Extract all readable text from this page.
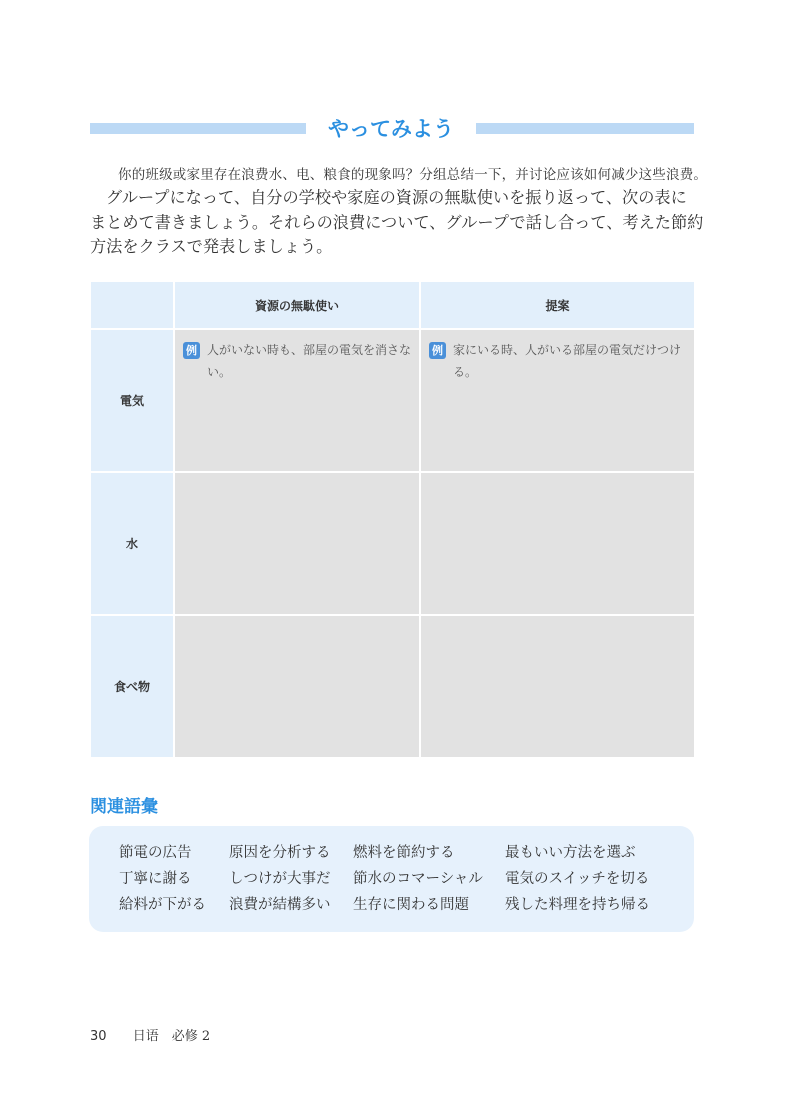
やってみよう

你的班级或家里存在浪费水、电、粮食的现象吗？分组总结一下，并讨论应该如何减少这些浪费。

グループになって、自分の学校や家庭の資源の無駄使いを振り返って、次の表に
まとめて書きましょう。それらの浪費について、グループで話し合って、考えた節約
方法をクラスで発表しましょう。
	資源の無駄使い	提案
電気	例 人がいない時も、部屋の電気を消さない。	例 家にいる時、人がいる部屋の電気だけつける。

水		
食べ物		
関連語彙
節電の広告	原因を分析する	燃料を節約する	最もいい方法を選ぶ
丁寧に謝る	しつけが大事だ	節水のコマーシャル	電気のスイッチを切る
給料が下がる	浪費が結構多い	生存に関わる問題	残した料理を持ち帰る
30 日语　必修 2
